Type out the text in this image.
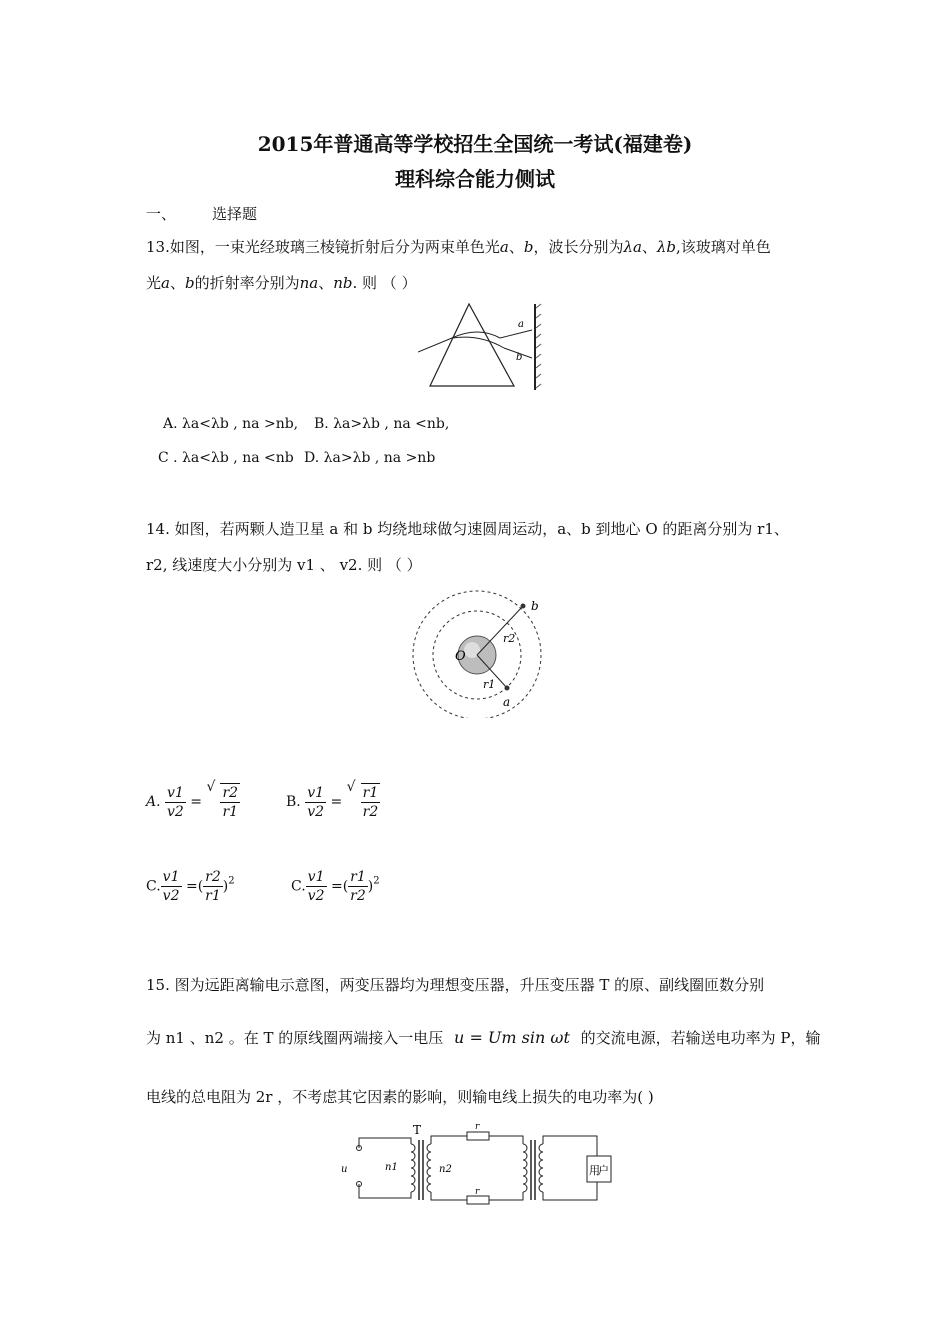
2015年普通高等学校招生全国统一考试(福建卷)
理科综合能力侧试
一、 选择题
13.如图，一束光经玻璃三棱镜折射后分为两束单色光a、b，波长分别为λa、λb,该玻璃对单色
光a、b的折射率分别为na、nb. 则 （ ）
a
b
A. λa<λb , na >nb, B. λa>λb , na <nb,
C . λa<λb , na <nb D. λa>λb , na >nb
14. 如图，若两颗人造卫星 a 和 b 均绕地球做匀速圆周运动，a、b 到地心 O 的距离分别为 r1、
r2, 线速度大小分别为 v1 、 v2. 则 （ ）
O
b
a
r2
r1
A. $\frac{v1}{v2}$ =
√ $\frac{r2}{r1}$	B. $\frac{v1}{v2}$ =
√ $\frac{r1}{r2}$
C. $\frac{v1}{v2}$ =( $\frac{r2}{r1} )^2$	C. $\frac{v1}{v2}$ =( $\frac{r1}{r2} )^2$
15. 图为远距离输电示意图，两变压器均为理想变压器，升压变压器 T 的原、副线圈匝数分别
为 n1 、n2 。在 T 的原线圈两端接入一电压 u = Um sin ωt 的交流电源，若输送电功率为 P，输
电线的总电阻为 2r ，不考虑其它因素的影响，则输电线上损失的电功率为( )
u	n1
T
n2
r
r
用户
